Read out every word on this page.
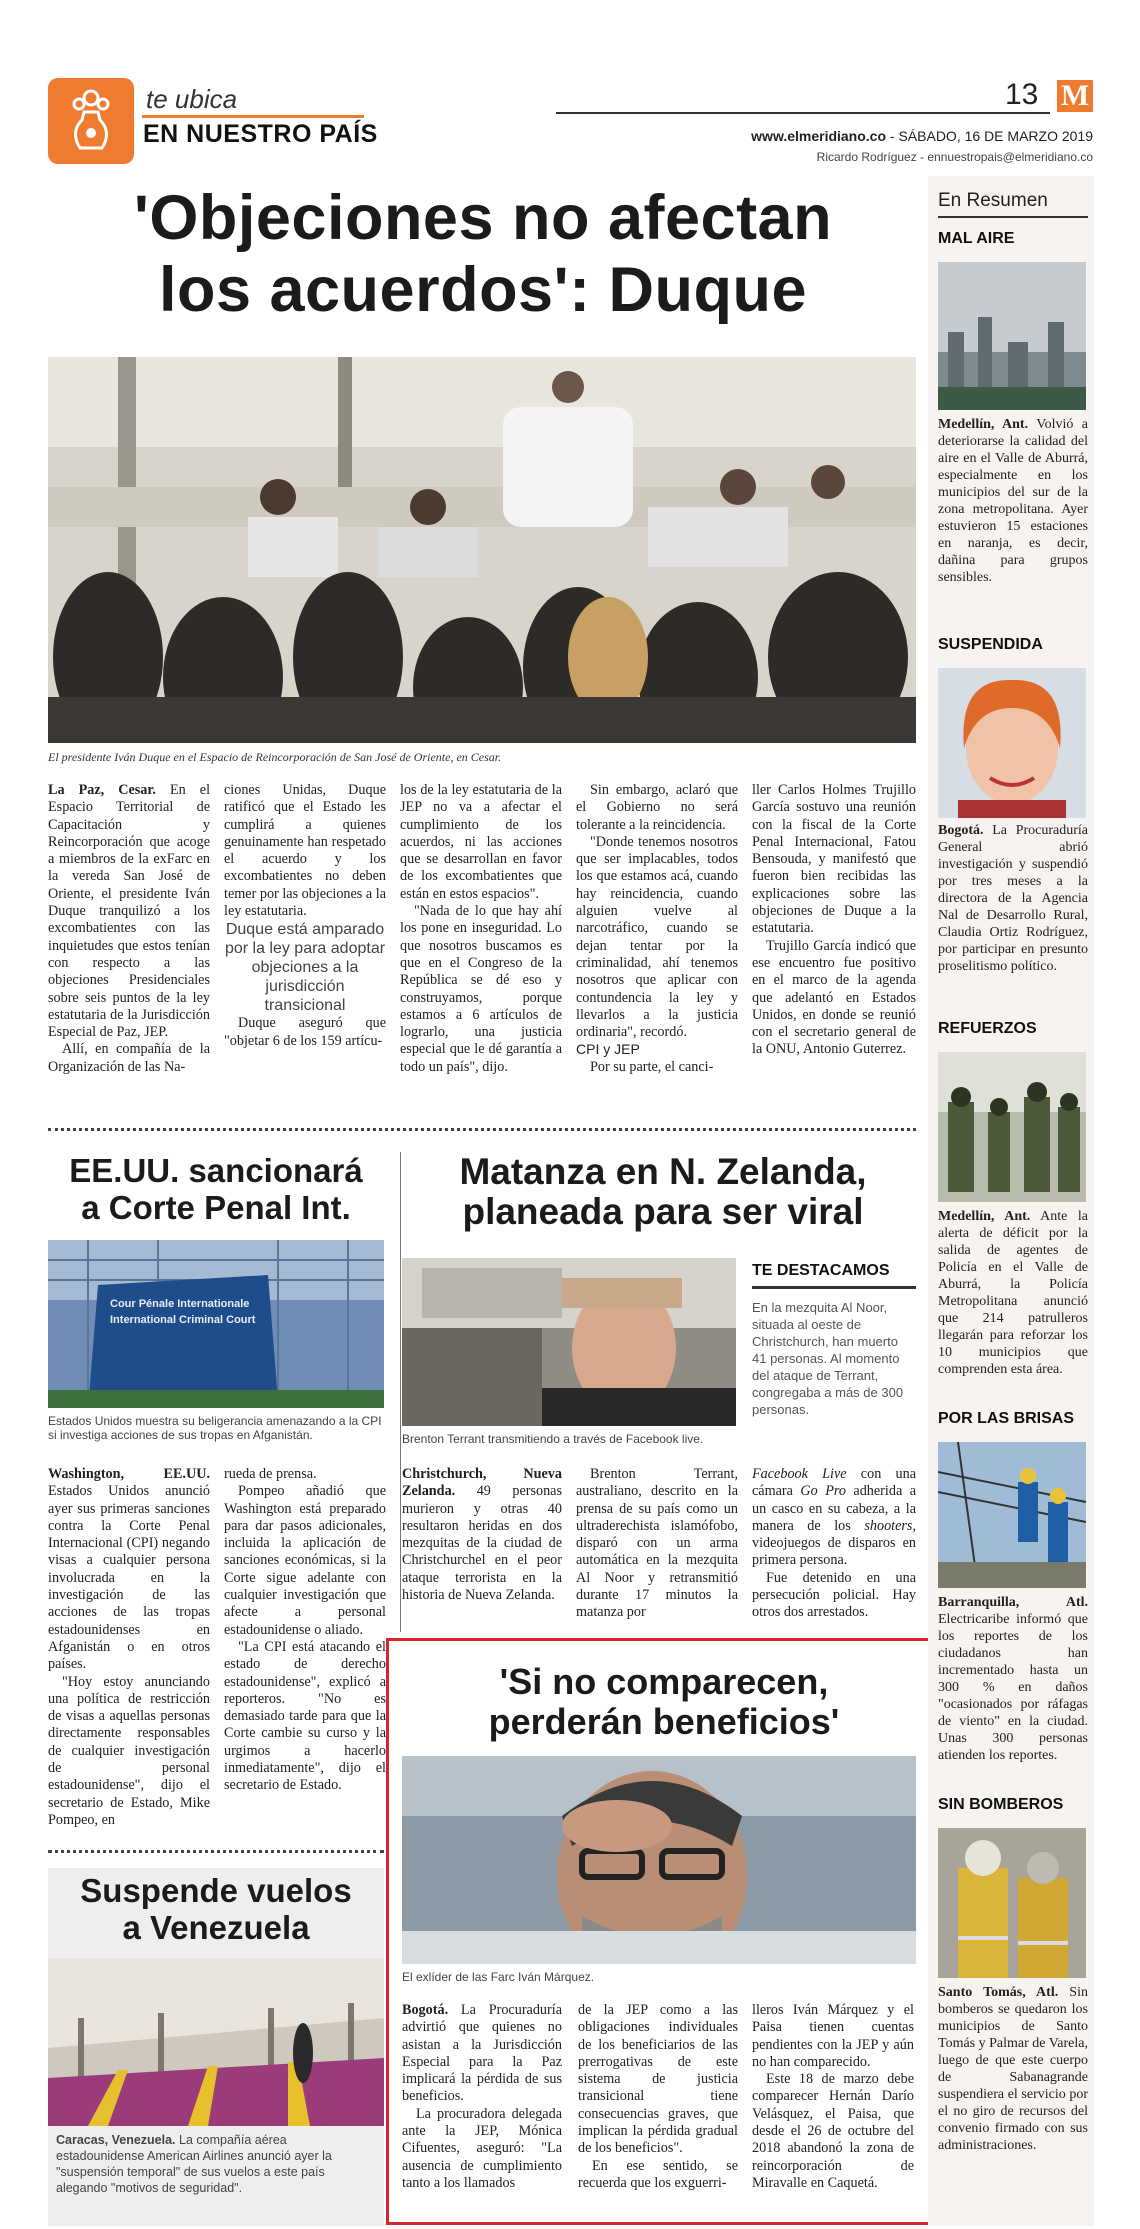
te ubica
EN NUESTRO PAÍS
13 M
www.elmeridiano.co - SÁBADO, 16 DE MARZO 2019
Ricardo Rodríguez - ennuestropais@elmeridiano.co
'Objeciones no afectan
los acuerdos': Duque
El presidente Iván Duque en el Espacio de Reincorporación de San José de Oriente, en Cesar.

La Paz, Cesar. En el Espacio Territorial de Capacitación y Reincorporación que acoge a miembros de la exFarc en la vereda San José de Oriente, el presidente Iván Duque tranquilizó a los excombatientes con las inquietudes que estos tenían con respecto a las objeciones Presidenciales sobre seis puntos de la ley estatutaria de la Jurisdicción Especial de Paz, JEP.

Allí, en compañía de la Organización de las Na-

ciones Unidas, Duque ratificó que el Estado les cumplirá a quienes genuinamente han respetado el acuerdo y los excombatientes no deben temer por las objeciones a la ley estatutaria.

Duque está amparado por la ley para adoptar objeciones a la jurisdicción transicional

Duque aseguró que "objetar 6 de los 159 artícu-

los de la ley estatutaria de la JEP no va a afectar el cumplimiento de los acuerdos, ni las acciones que se desarrollan en favor de los excombatientes que están en estos espacios".

"Nada de lo que hay ahí los pone en inseguridad. Lo que nosotros buscamos es que en el Congreso de la República se dé eso y construyamos, porque estamos a 6 artículos de lograrlo, una justicia especial que le dé garantía a todo un país", dijo.

Sin embargo, aclaró que el Gobierno no será tolerante a la reincidencia.

"Donde tenemos nosotros que ser implacables, todos los que estamos acá, cuando hay reincidencia, cuando alguien vuelve al narcotráfico, cuando se dejan tentar por la criminalidad, ahí tenemos nosotros que aplicar con contundencia la ley y llevarlos a la justicia ordinaria", recordó.

CPI y JEP

Por su parte, el canci-

ller Carlos Holmes Trujillo García sostuvo una reunión con la fiscal de la Corte Penal Internacional, Fatou Bensouda, y manifestó que fueron bien recibidas las explicaciones sobre las objeciones de Duque a la estatutaria.

Trujillo García indicó que ese encuentro fue positivo en el marco de la agenda que adelantó en Estados Unidos, en donde se reunió con el secretario general de la ONU, Antonio Guterrez.

EE.UU. sancionará
a Corte Penal Int.
Cour Pénale Internationale International Criminal Court
Estados Unidos muestra su beligerancia amenazando a la CPI si investiga acciones de sus tropas en Afganistán.

Washington, EE.UU. Estados Unidos anunció ayer sus primeras sanciones contra la Corte Penal Internacional (CPI) negando visas a cualquier persona involucrada en la investigación de las acciones de las tropas estadounidenses en Afganistán o en otros países.

"Hoy estoy anunciando una política de restricción de visas a aquellas personas directamente responsables de cualquier investigación de personal estadounidense", dijo el secretario de Estado, Mike Pompeo, en

rueda de prensa.

Pompeo añadió que Washington está preparado para dar pasos adicionales, incluida la aplicación de sanciones económicas, si la Corte sigue adelante con cualquier investigación que afecte a personal estadounidense o aliado.

"La CPI está atacando el estado de derecho estadounidense", explicó a reporteros. "No es demasiado tarde para que la Corte cambie su curso y la urgimos a hacerlo inmediatamente", dijo el secretario de Estado.

Matanza en N. Zelanda,
planeada para ser viral
Brenton Terrant transmitiendo a través de Facebook live.
TE DESTACAMOS
En la mezquita Al Noor, situada al oeste de Christchurch, han muerto 41 personas. Al momento del ataque de Terrant, congregaba a más de 300 personas.

Christchurch, Nueva Zelanda. 49 personas murieron y otras 40 resultaron heridas en dos mezquitas de la ciudad de Christchurchel en el peor ataque terrorista en la historia de Nueva Zelanda.

Brenton Terrant, australiano, descrito en la prensa de su país como un ultraderechista islamófobo, disparó con un arma automática en la mezquita Al Noor y retransmitió durante 17 minutos la matanza por

Facebook Live con una cámara Go Pro adherida a un casco en su cabeza, a la manera de los shooters, videojuegos de disparos en primera persona.

Fue detenido en una persecución policial. Hay otros dos arrestados.

Suspende vuelos
a Venezuela
Caracas, Venezuela. La compañía aérea estadounidense American Airlines anunció ayer la "suspensión temporal" de sus vuelos a este país alegando "motivos de seguridad".
'Si no comparecen,
perderán beneficios'
El exlíder de las Farc Iván Márquez.

Bogotá. La Procuraduría advirtió que quienes no asistan a la Jurisdicción Especial para la Paz implicará la pérdida de sus beneficios.

La procuradora delegada ante la JEP, Mónica Cifuentes, aseguró: "La ausencia de cumplimiento tanto a los llamados

de la JEP como a las obligaciones individuales de los beneficiarios de las prerrogativas de este sistema de justicia transicional tiene consecuencias graves, que implican la pérdida gradual de los beneficios".

En ese sentido, se recuerda que los exguerri-

lleros Iván Márquez y el Paisa tienen cuentas pendientes con la JEP y aún no han comparecido.

Este 18 de marzo debe comparecer Hernán Darío Velásquez, el Paisa, que desde el 26 de octubre del 2018 abandonó la zona de reincorporación de Miravalle en Caquetá.

En Resumen
MAL AIRE
Medellín, Ant. Volvió a deteriorarse la calidad del aire en el Valle de Aburrá, especialmente en los municipios del sur de la zona metropolitana. Ayer estuvieron 15 estaciones en naranja, es decir, dañina para grupos sensibles.
SUSPENDIDA
Bogotá. La Procuraduría General abrió investigación y suspendió por tres meses a la directora de la Agencia Nal de Desarrollo Rural, Claudia Ortiz Rodríguez, por participar en presunto proselitismo político.
REFUERZOS
Medellín, Ant. Ante la alerta de déficit por la salida de agentes de Policía en el Valle de Aburrá, la Policía Metropolitana anunció que 214 patrulleros llegarán para reforzar los 10 municipios que comprenden esta área.
POR LAS BRISAS
Barranquilla, Atl. Electricaribe informó que los reportes de los ciudadanos han incrementado hasta un 300 % en daños "ocasionados por ráfagas de viento" en la ciudad. Unas 300 personas atienden los reportes.
SIN BOMBEROS
Santo Tomás, Atl. Sin bomberos se quedaron los municipios de Santo Tomás y Palmar de Varela, luego de que este cuerpo de Sabanagrande suspendiera el servicio por el no giro de recursos del convenio firmado con sus administraciones.
